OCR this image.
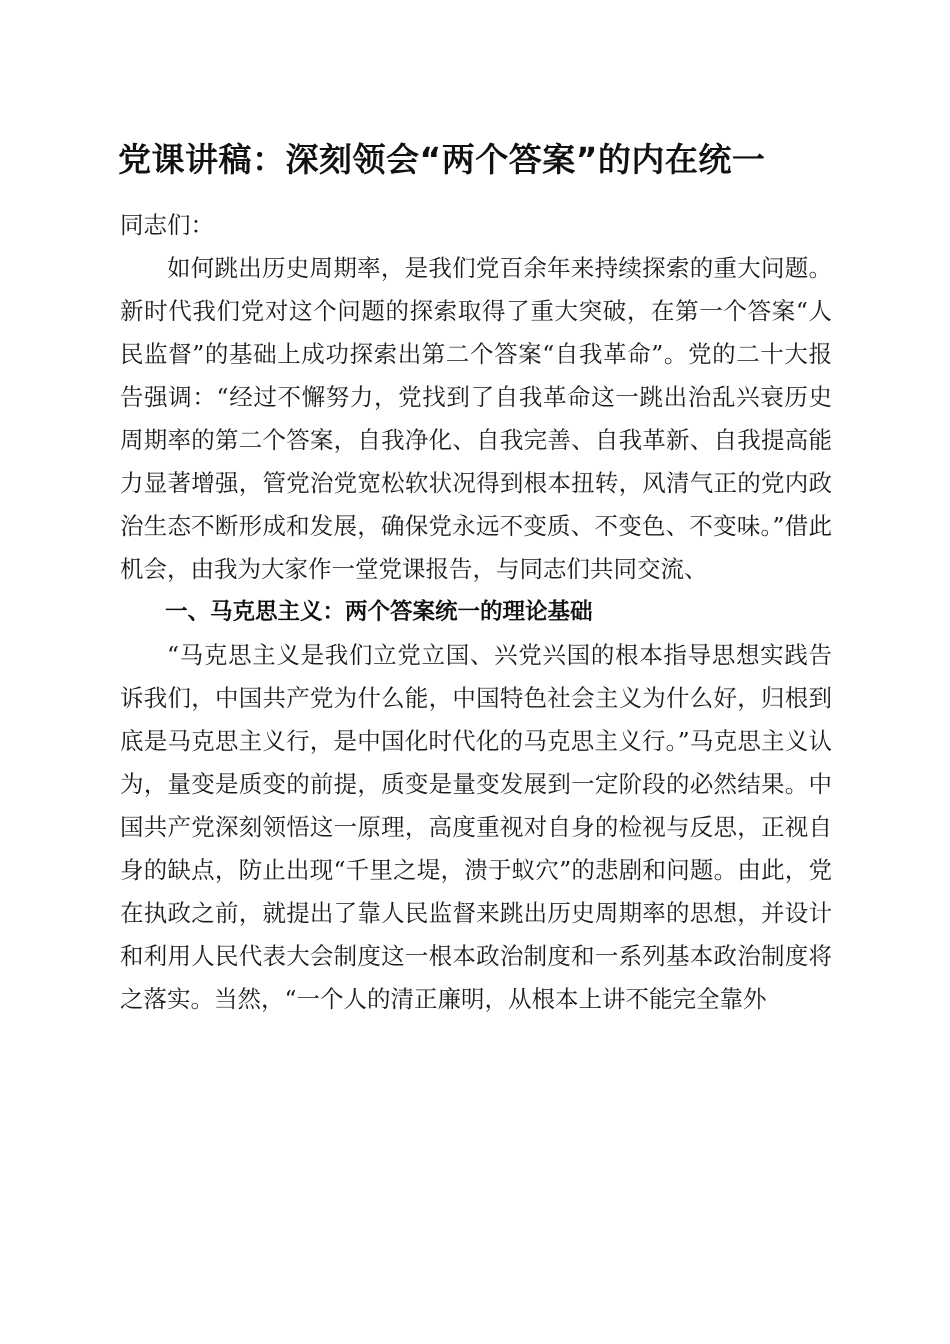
党课讲稿：深刻领会“两个答案”的内在统一

同志们：

如何跳出历史周期率，是我们党百余年来持续探索的重大问题。新时代我们党对这个问题的探索取得了重大突破，在第一个答案“人民监督”的基础上成功探索出第二个答案“自我革命”。党的二十大报告强调：“经过不懈努力，党找到了自我革命这一跳出治乱兴衰历史周期率的第二个答案，自我净化、自我完善、自我革新、自我提高能力显著增强，管党治党宽松软状况得到根本扭转，风清气正的党内政治生态不断形成和发展，确保党永远不变质、不变色、不变味。”借此机会，由我为大家作一堂党课报告，与同志们共同交流、

一、马克思主义：两个答案统一的理论基础

“马克思主义是我们立党立国、兴党兴国的根本指导思想实践告诉我们，中国共产党为什么能，中国特色社会主义为什么好，归根到底是马克思主义行，是中国化时代化的马克思主义行。”马克思主义认为，量变是质变的前提，质变是量变发展到一定阶段的必然结果。中国共产党深刻领悟这一原理，高度重视对自身的检视与反思，正视自身的缺点，防止出现“千里之堤，溃于蚁穴”的悲剧和问题。由此，党在执政之前，就提出了靠人民监督来跳出历史周期率的思想，并设计和利用人民代表大会制度这一根本政治制度和一系列基本政治制度将之落实。当然，“一个人的清正廉明，从根本上讲不能完全靠外
